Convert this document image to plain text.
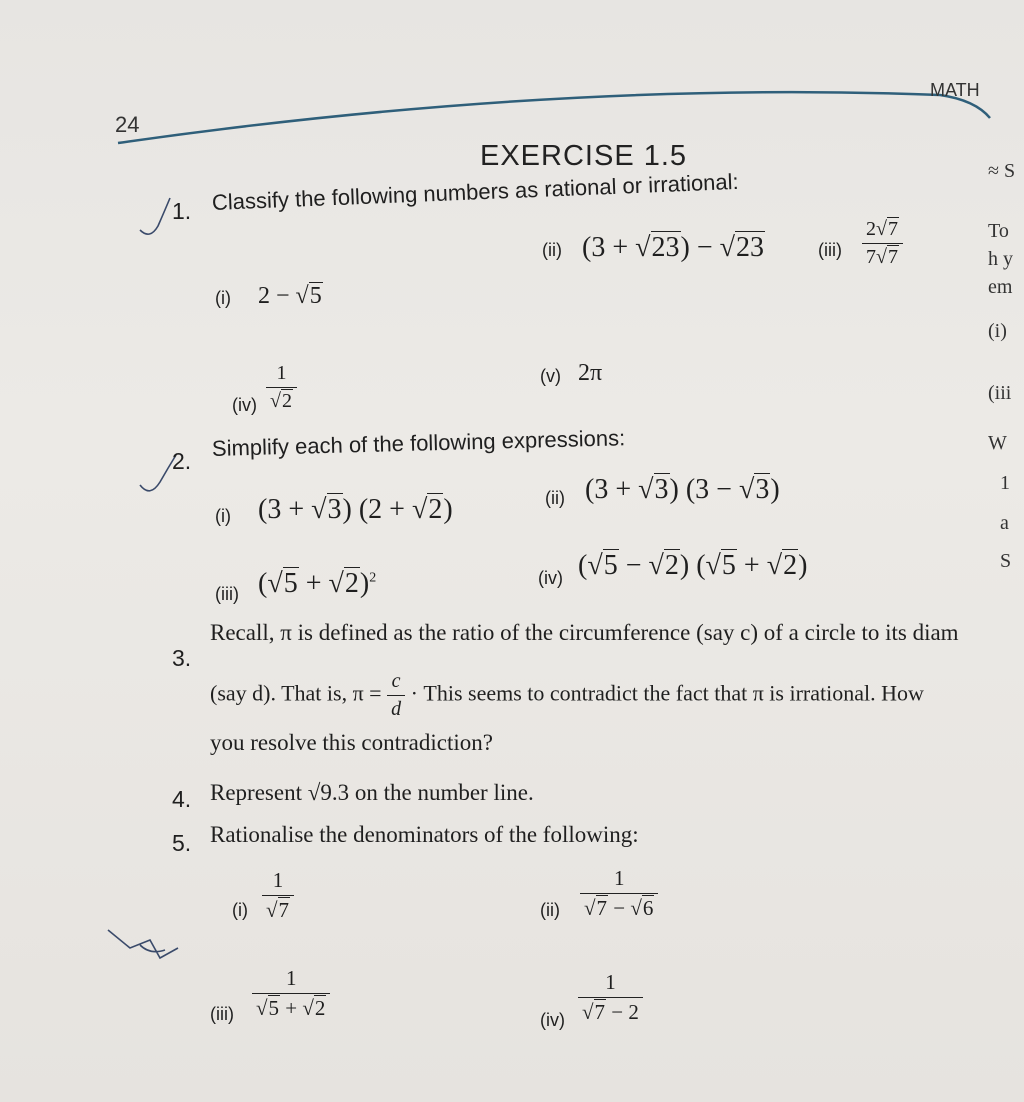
24
MATH
EXERCISE 1.5
1. Classify the following numbers as rational or irrational:
(i) 2 − √5
(ii) (3 + √23) − √23	$(iii) \frac{2√7}{7√7}$
$(iv) \frac{1}{√2}$	(v) 2π
2.
Simplify each of the following expressions:
(i) (3 + √3) (2 + √2)	(ii) (3 + √3) (3 − √3)
(iii) $(√5 + √2)^2$	(iv) (√5 − √2) (√5 + √2)
3.
Recall, π is defined as the ratio of the circumference (say c) of a circle to its diam
(say d). That is, $\pi = \frac{c}{d}$ · This seems to contradict the fact that π is irrational. How
you resolve this contradiction?
4. Represent √9.3 on the number line.
5. Rationalise the denominators of the following:
$(i) \frac{1}{√7}$	$(ii) \frac{1}{√7 - √6}$
$(iii) \frac{1}{√5 + √2}$	$(iv) \frac{1}{√7 - 2}$
≈ S
To
h y
em
(i)
(iii
W
1
a
S
